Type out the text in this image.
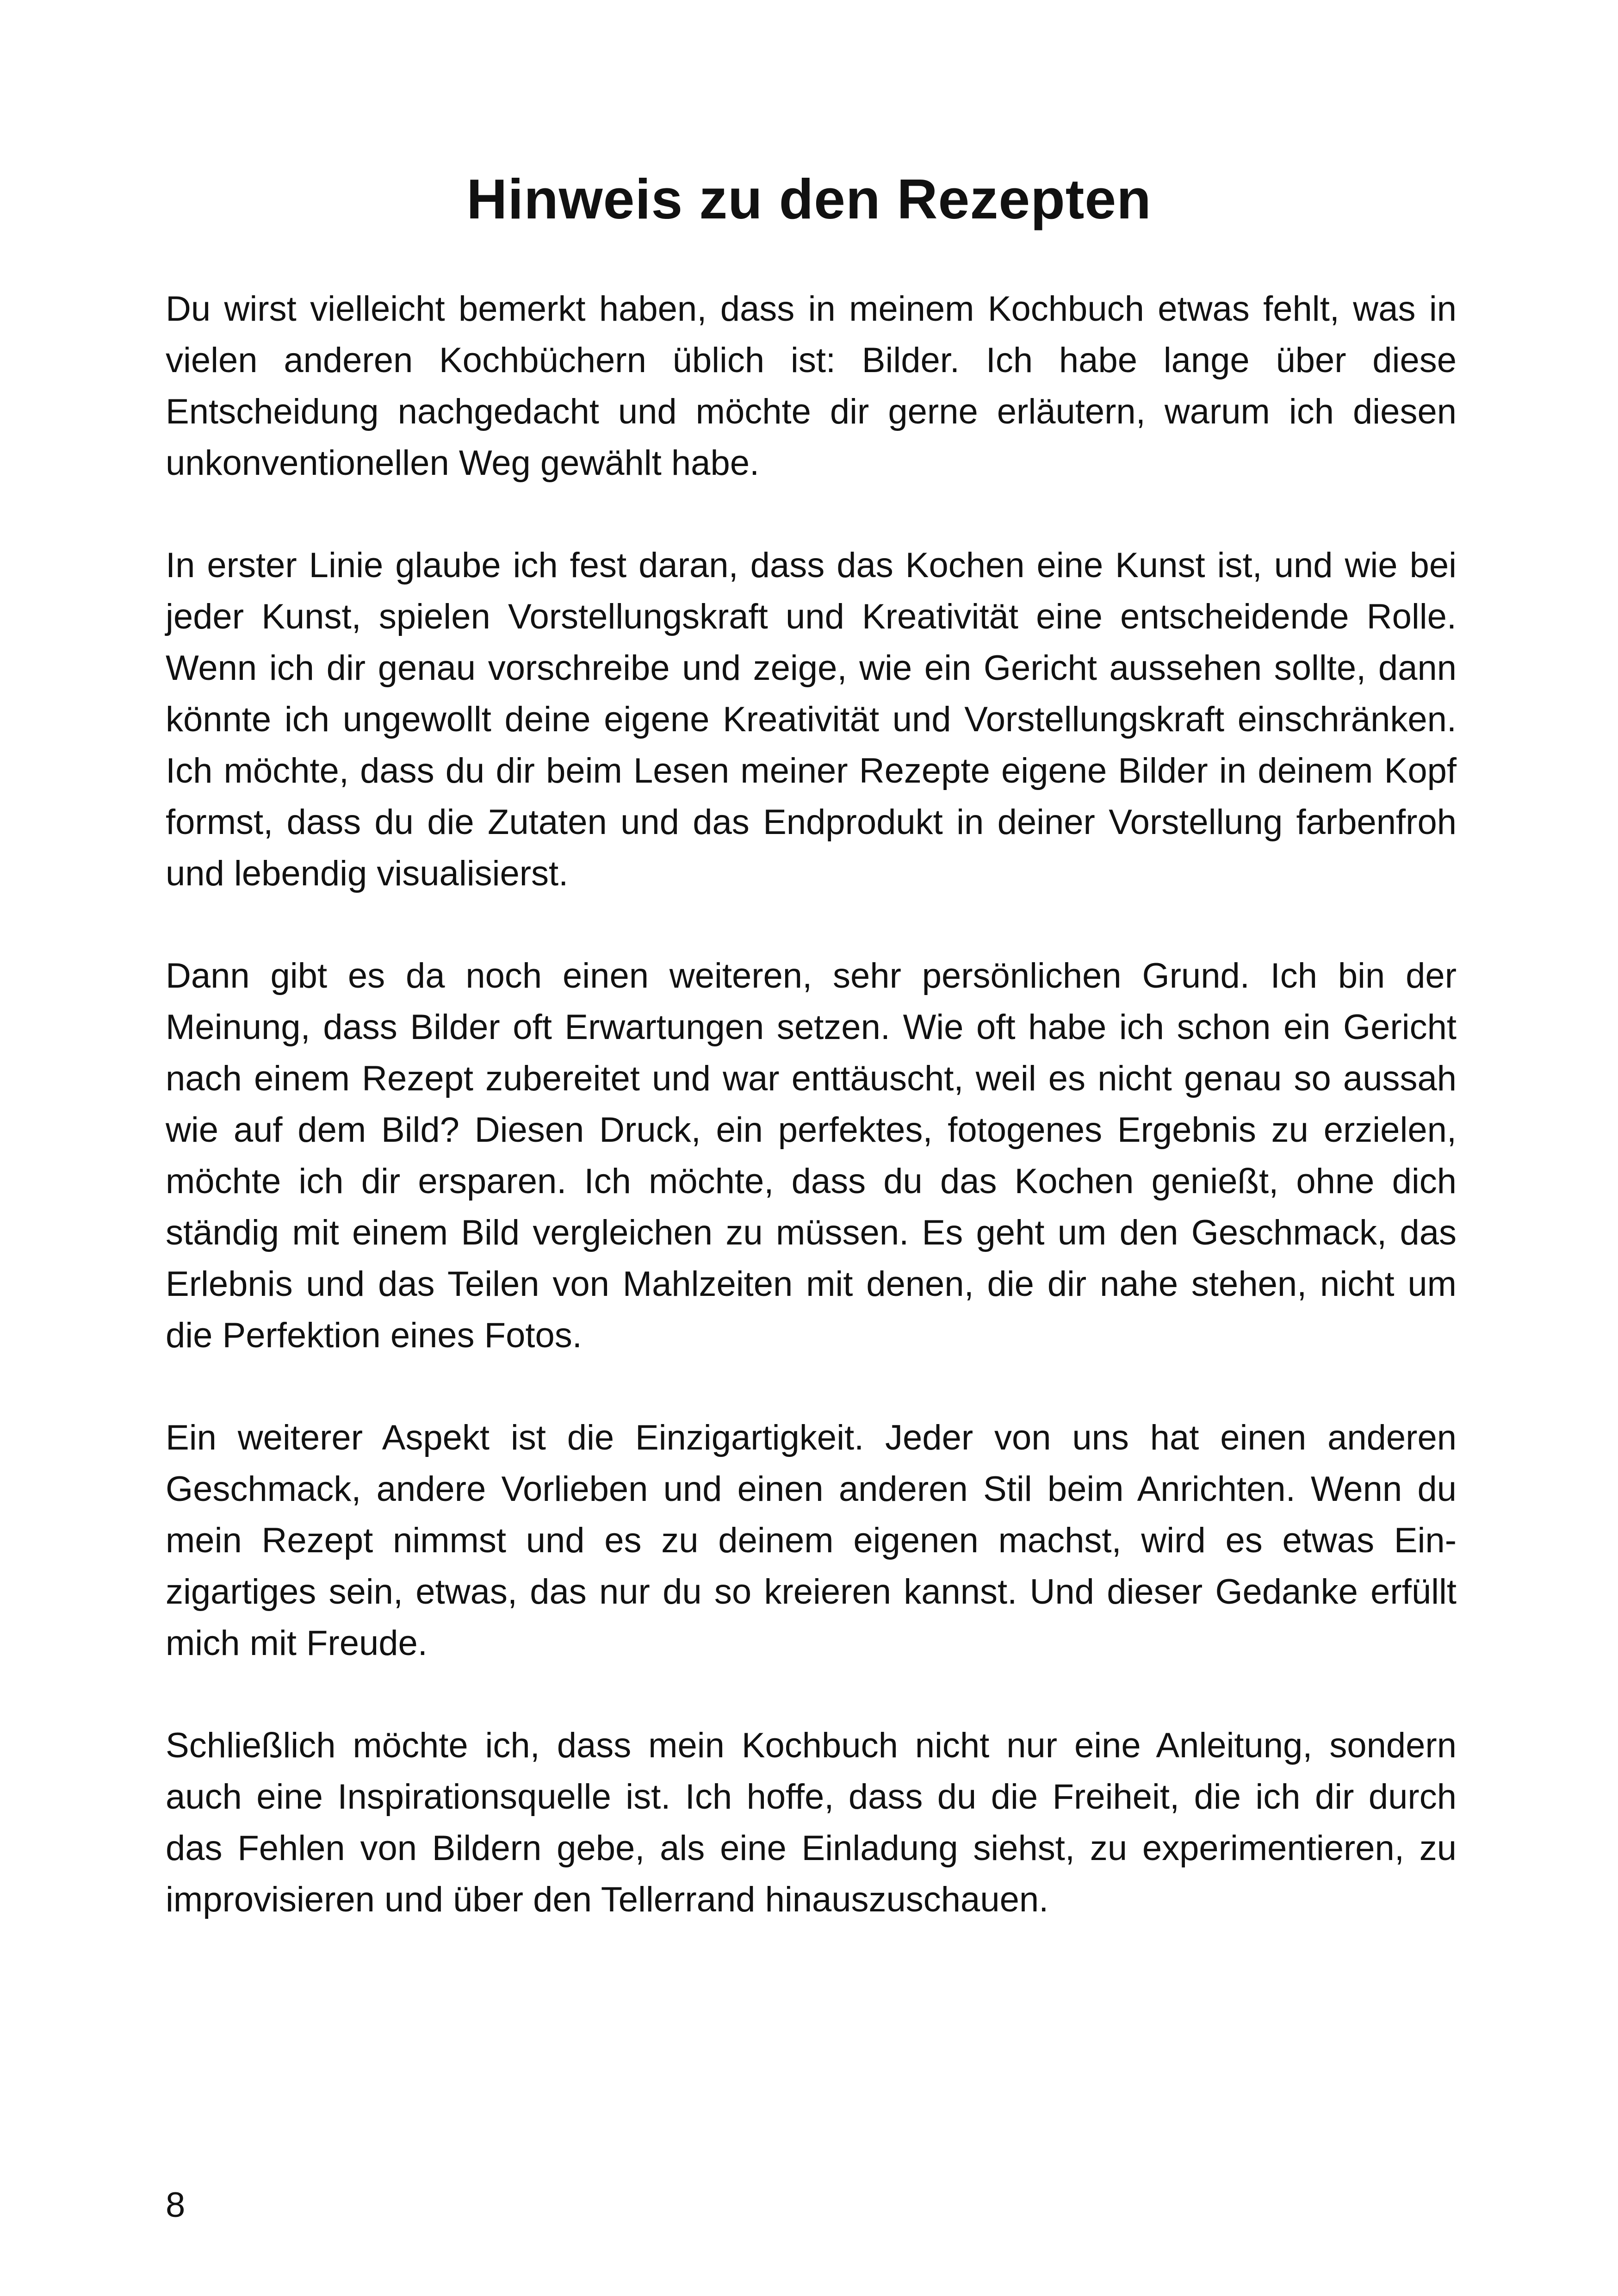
Hinweis zu den Rezepten

Du wirst vielleicht bemerkt haben, dass in meinem Kochbuch etwas fehlt, was in vielen anderen Kochbüchern üblich ist: Bilder. Ich habe lange über diese Entscheidung nachgedacht und möchte dir gerne erläutern, warum ich diesen unkonventionellen Weg gewählt habe.

In erster Linie glaube ich fest daran, dass das Kochen eine Kunst ist, und wie bei jeder Kunst, spielen Vorstellungskraft und Kreativität eine entscheidende Rolle. Wenn ich dir genau vorschreibe und zeige, wie ein Gericht aussehen sollte, dann könnte ich ungewollt deine eigene Kreativität und Vorstellungskraft einschränken. Ich möchte, dass du dir beim Lesen meiner Rezepte eigene Bilder in deinem Kopf formst, dass du die Zutaten und das Endprodukt in deiner Vorstellung farbenfroh und lebendig visualisierst.

Dann gibt es da noch einen weiteren, sehr persönlichen Grund. Ich bin der Meinung, dass Bilder oft Erwartungen setzen. Wie oft habe ich schon ein Gericht nach einem Rezept zubereitet und war enttäuscht, weil es nicht genau so aussah wie auf dem Bild? Diesen Druck, ein perfektes, fotogenes Ergebnis zu erzielen, möchte ich dir ersparen. Ich möchte, dass du das Kochen genießt, ohne dich ständig mit einem Bild vergleichen zu müssen. Es geht um den Geschmack, das Erlebnis und das Teilen von Mahlzeiten mit denen, die dir nahe stehen, nicht um die Perfektion eines Fotos.

Ein weiterer Aspekt ist die Einzigartigkeit. Jeder von uns hat einen anderen Geschmack, andere Vorlieben und einen anderen Stil beim Anrichten. Wenn du mein Rezept nimmst und es zu deinem eigenen machst, wird es etwas Einzigartiges sein, etwas, das nur du so kreieren kannst. Und dieser Gedanke erfüllt mich mit Freude.

Schließlich möchte ich, dass mein Kochbuch nicht nur eine Anleitung, sondern auch eine Inspirationsquelle ist. Ich hoffe, dass du die Freiheit, die ich dir durch das Fehlen von Bildern gebe, als eine Einladung siehst, zu experimentieren, zu improvisieren und über den Tellerrand hinauszuschauen.

8
